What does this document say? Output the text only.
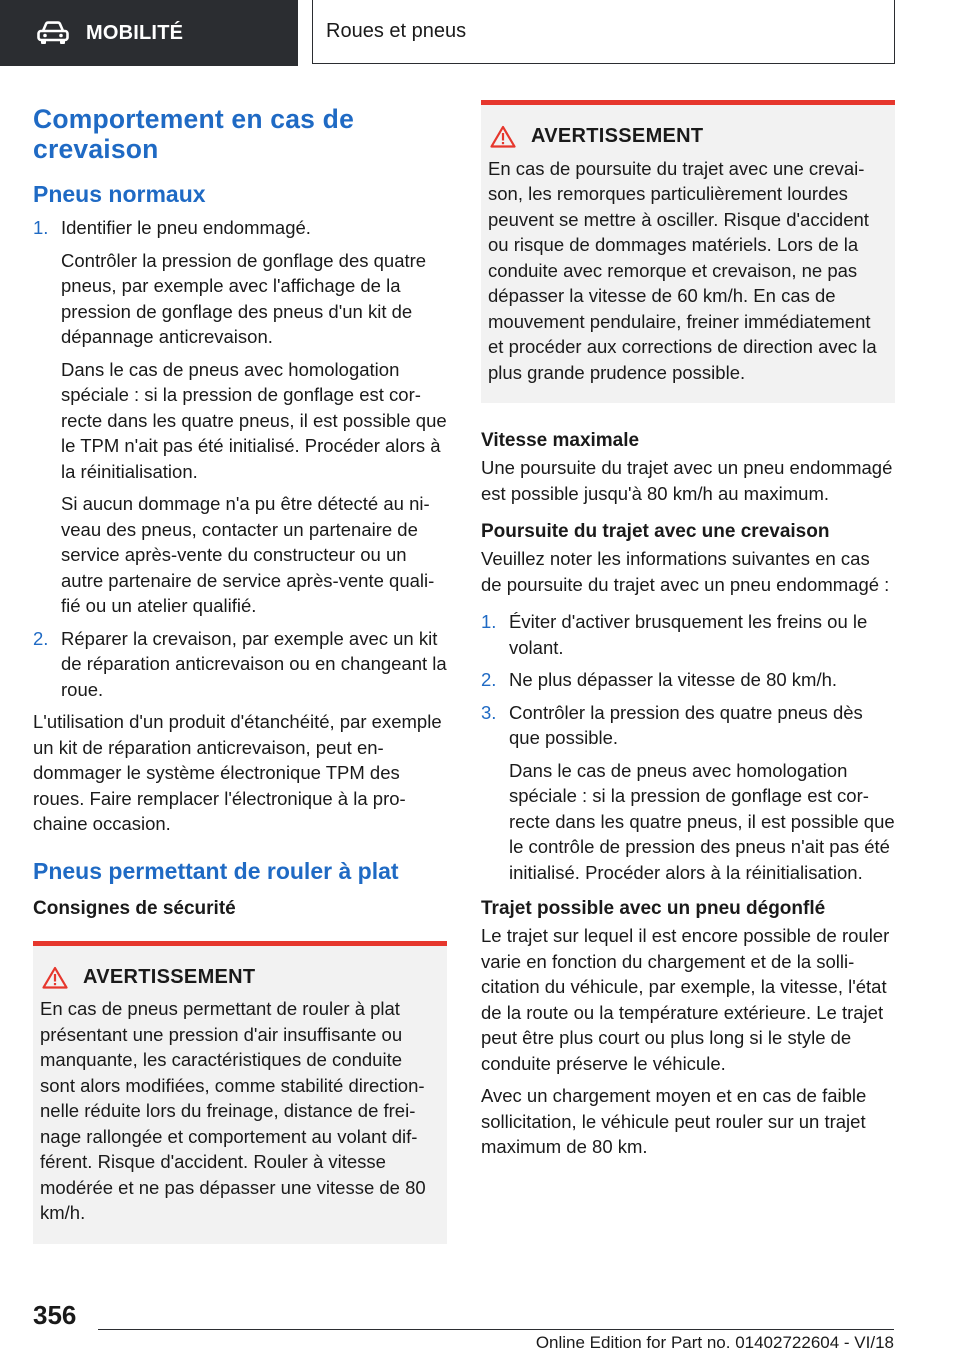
MOBILITÉ	Roues et pneus
Comportement en cas de crevaison
Pneus normaux
1. Identifier le pneu endommagé.

Contrôler la pression de gonflage des quatre pneus, par exemple avec l'affichage de la pression de gonflage des pneus d'un kit de dépannage anticrevaison.

Dans le cas de pneus avec homologation spéciale : si la pression de gonflage est correcte dans les quatre pneus, il est possible que le TPM n'ait pas été initialisé. Procéder alors à la réinitialisation.

Si aucun dommage n'a pu être détecté au niveau des pneus, contacter un partenaire de service après-vente du constructeur ou un autre partenaire de service après-vente qualifié ou un atelier qualifié.

2. Réparer la crevaison, par exemple avec un kit de réparation anticrevaison ou en changeant la roue.

L'utilisation d'un produit d'étanchéité, par exemple un kit de réparation anticrevaison, peut endommager le système électronique TPM des roues. Faire remplacer l'électronique à la prochaine occasion.

Pneus permettant de rouler à plat
Consignes de sécurité
AVERTISSEMENT

En cas de pneus permettant de rouler à plat présentant une pression d'air insuffisante ou manquante, les caractéristiques de conduite sont alors modifiées, comme stabilité directionnelle réduite lors du freinage, distance de freinage rallongée et comportement au volant différent. Risque d'accident. Rouler à vitesse modérée et ne pas dépasser une vitesse de 80 km/h.

AVERTISSEMENT

En cas de poursuite du trajet avec une crevaison, les remorques particulièrement lourdes peuvent se mettre à osciller. Risque d'accident ou risque de dommages matériels. Lors de la conduite avec remorque et crevaison, ne pas dépasser la vitesse de 60 km/h. En cas de mouvement pendulaire, freiner immédiatement et procéder aux corrections de direction avec la plus grande prudence possible.

Vitesse maximale

Une poursuite du trajet avec un pneu endommagé est possible jusqu'à 80 km/h au maximum.

Poursuite du trajet avec une crevaison

Veuillez noter les informations suivantes en cas de poursuite du trajet avec un pneu endommagé :

1. Éviter d'activer brusquement les freins ou le volant.

2. Ne plus dépasser la vitesse de 80 km/h.

3. Contrôler la pression des quatre pneus dès que possible.

Dans le cas de pneus avec homologation spéciale : si la pression de gonflage est correcte dans les quatre pneus, il est possible que le contrôle de pression des pneus n'ait pas été initialisé. Procéder alors à la réinitialisation.

Trajet possible avec un pneu dégonflé

Le trajet sur lequel il est encore possible de rouler varie en fonction du chargement et de la sollicitation du véhicule, par exemple, la vitesse, l'état de la route ou la température extérieure. Le trajet peut être plus court ou plus long si le style de conduite préserve le véhicule.

Avec un chargement moyen et en cas de faible sollicitation, le véhicule peut rouler sur un trajet maximum de 80 km.

356
Online Edition for Part no. 01402722604 - VI/18
